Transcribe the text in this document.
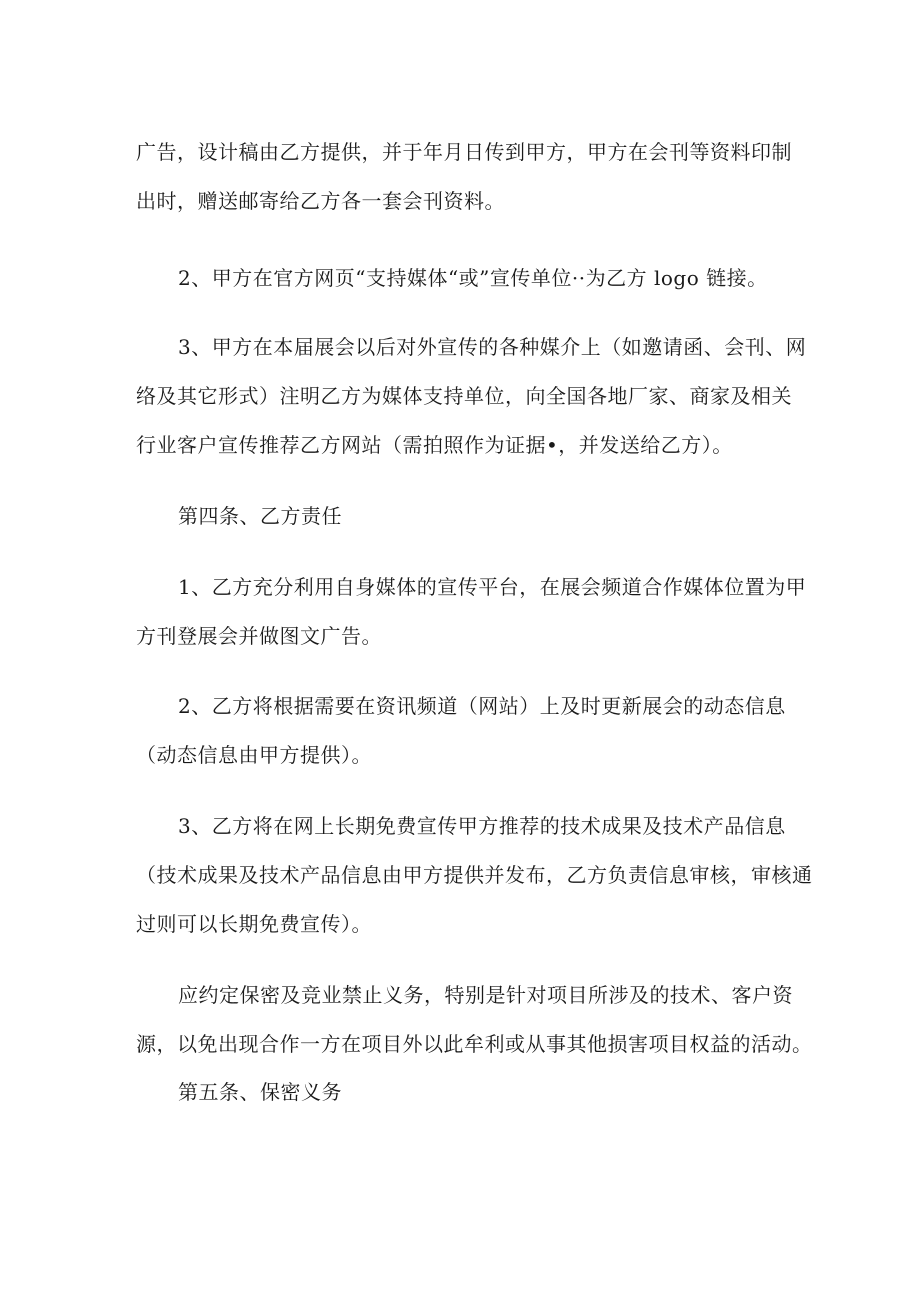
广告，设计稿由乙方提供，并于年月日传到甲方，甲方在会刊等资料印制
出时，赠送邮寄给乙方各一套会刊资料。
2、甲方在官方网页“支持媒体“或”宣传单位··为乙方 logo 链接。
3、甲方在本届展会以后对外宣传的各种媒介上（如邀请函、会刊、网
络及其它形式）注明乙方为媒体支持单位，向全国各地厂家、商家及相关
行业客户宣传推荐乙方网站（需拍照作为证据•，并发送给乙方）。
第四条、乙方责任
1、乙方充分利用自身媒体的宣传平台，在展会频道合作媒体位置为甲
方刊登展会并做图文广告。
2、乙方将根据需要在资讯频道（网站）上及时更新展会的动态信息
（动态信息由甲方提供）。
3、乙方将在网上长期免费宣传甲方推荐的技术成果及技术产品信息
（技术成果及技术产品信息由甲方提供并发布，乙方负责信息审核，审核通
过则可以长期免费宣传）。
应约定保密及竞业禁止义务，特别是针对项目所涉及的技术、客户资
源，以免出现合作一方在项目外以此牟利或从事其他损害项目权益的活动。
第五条、保密义务
